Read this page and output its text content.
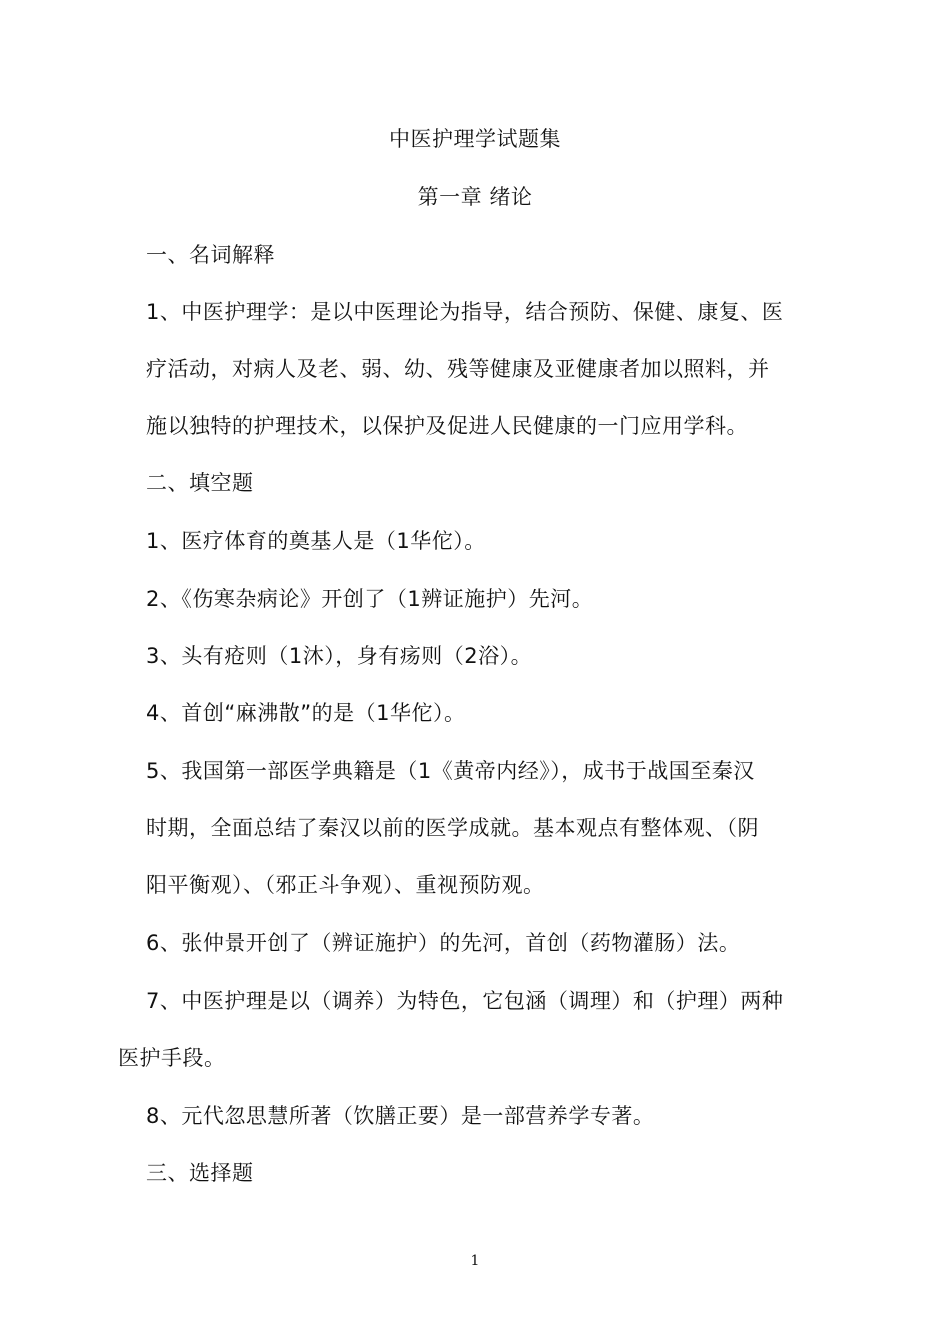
中医护理学试题集
第一章 绪论
一、名词解释
1、中医护理学：是以中医理论为指导，结合预防、保健、康复、医
疗活动，对病人及老、弱、幼、残等健康及亚健康者加以照料，并
施以独特的护理技术，以保护及促进人民健康的一门应用学科。
二、填空题
1、医疗体育的奠基人是（1华佗）。
2、《伤寒杂病论》开创了（1辨证施护）先河。
3、头有疮则（1沐），身有疡则（2浴）。
4、首创“麻沸散”的是（1华佗）。
5、我国第一部医学典籍是（1《黄帝内经》），成书于战国至秦汉
时期，全面总结了秦汉以前的医学成就。基本观点有整体观、（阴
阳平衡观）、（邪正斗争观）、重视预防观。
6、张仲景开创了（辨证施护）的先河，首创（药物灌肠）法。
7、中医护理是以（调养）为特色，它包涵（调理）和（护理）两种
医护手段。
8、元代忽思慧所著（饮膳正要）是一部营养学专著。
三、选择题
1
